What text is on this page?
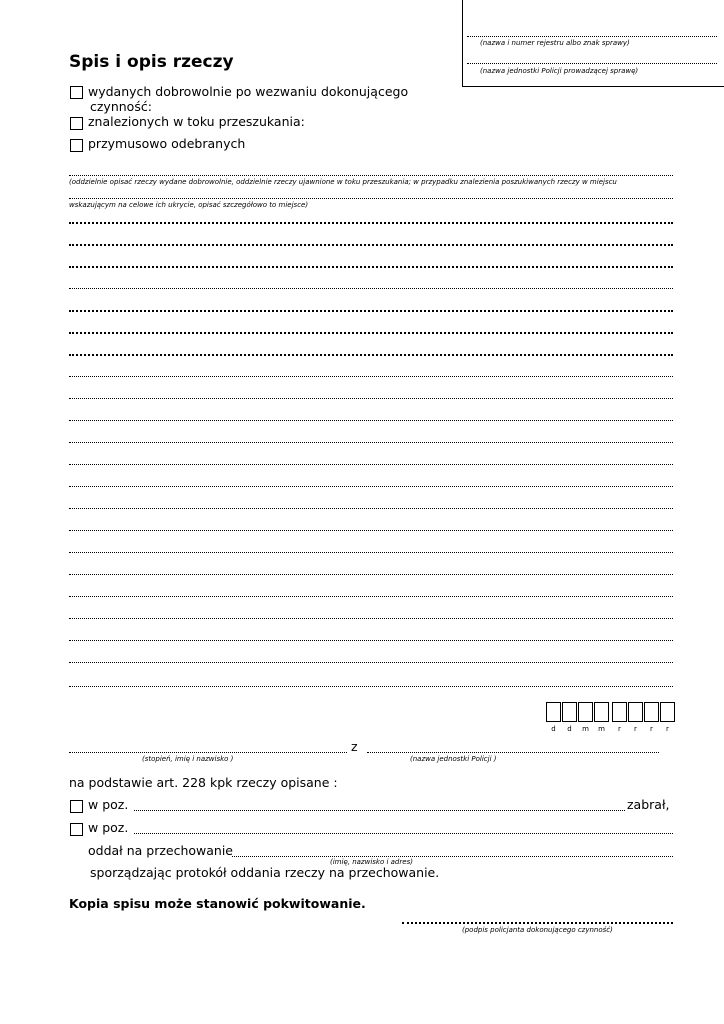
(nazwa i numer rejestru albo znak sprawy)
(nazwa jednostki Policji prowadzącej sprawę)
Spis i opis rzeczy
wydanych dobrowolnie po wezwaniu dokonującego
czynność:
znalezionych w toku przeszukania:
przymusowo odebranych
(oddzielnie opisać rzeczy wydane dobrowolnie, oddzielnie rzeczy ujawnione w toku przeszukania; w przypadku znalezienia poszukiwanych rzeczy w miejscu
wskazującym na celowe ich ukrycie, opisać szczegółowo to miejsce)
d	d	m	m	r	r	r	r
z
(stopień, imię i nazwisko )	(nazwa jednostki Policji )
na podstawie art. 228 kpk rzeczy opisane :
w poz.	zabrał,
w poz.
oddał na przechowanie
(imię, nazwisko i adres)
sporządzając protokół oddania rzeczy na przechowanie.
Kopia spisu może stanowić pokwitowanie.
(podpis policjanta dokonującego czynność)
